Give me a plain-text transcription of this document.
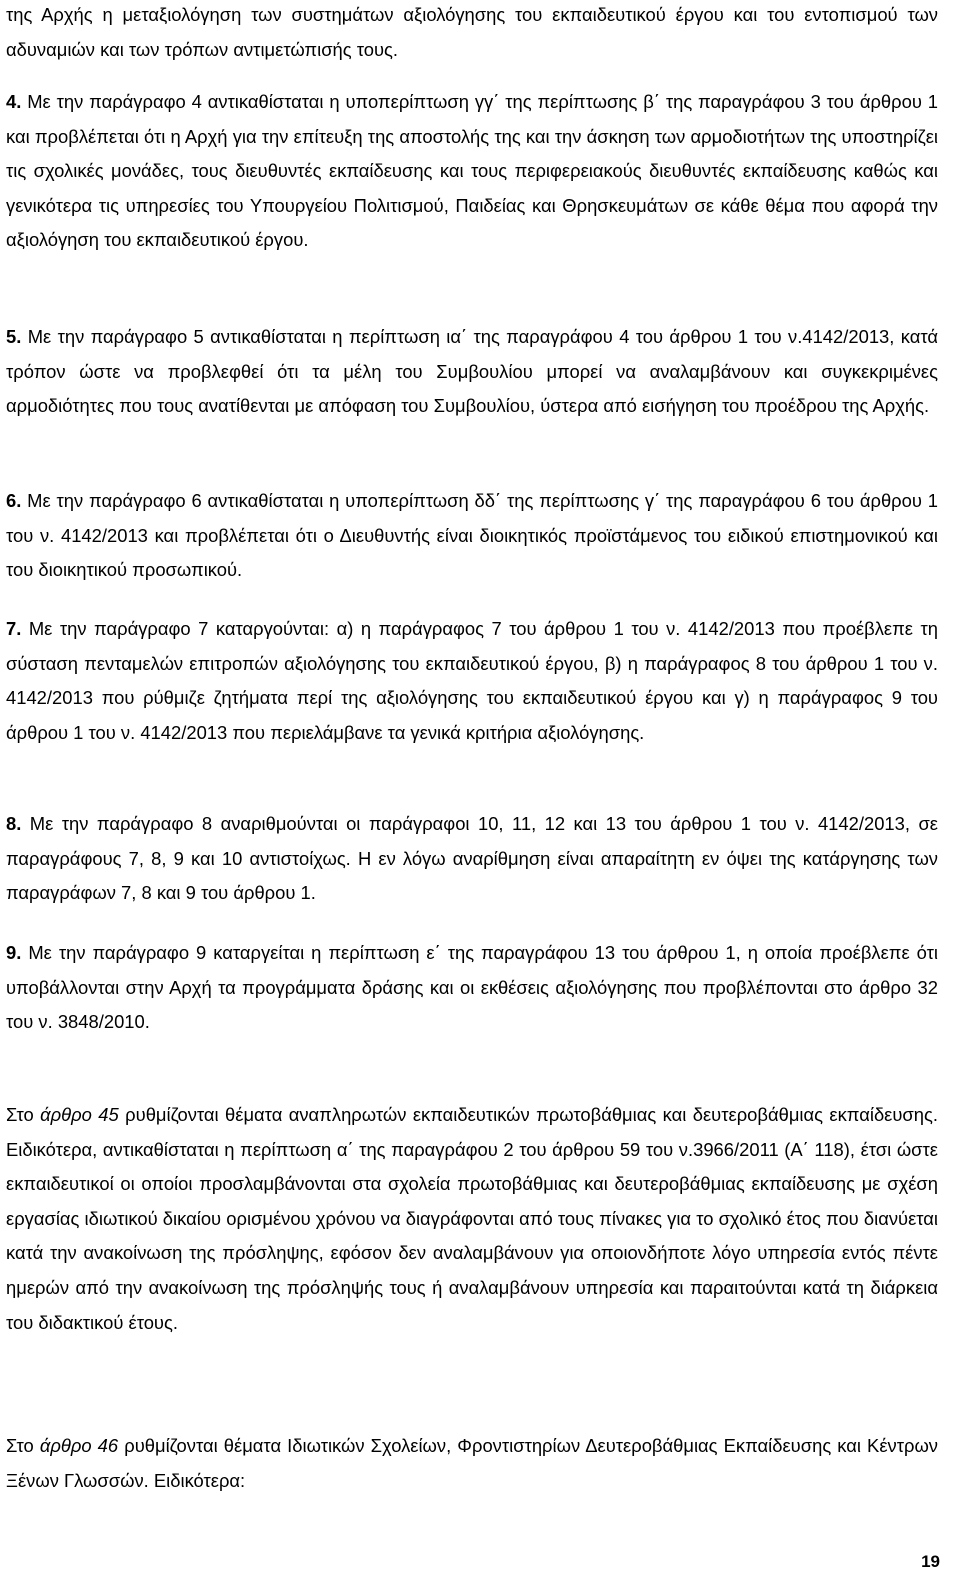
της Αρχής η μεταξιολόγηση των συστημάτων αξιολόγησης του εκπαιδευτικού έργου και του εντοπισμού των αδυναμιών και των τρόπων αντιμετώπισής τους.

4. Με την παράγραφο 4 αντικαθίσταται η υποπερίπτωση γγ΄ της περίπτωσης β΄ της παραγράφου 3 του άρθρου 1 και προβλέπεται ότι η Αρχή για την επίτευξη της αποστολής της και την άσκηση των αρμοδιοτήτων της υποστηρίζει τις σχολικές μονάδες, τους διευθυντές εκπαίδευσης και τους περιφερειακούς διευθυντές εκπαίδευσης καθώς και γενικότερα τις υπηρεσίες του Υπουργείου Πολιτισμού, Παιδείας και Θρησκευμάτων σε κάθε θέμα που αφορά την αξιολόγηση του εκπαιδευτικού έργου.

5. Με την παράγραφο 5 αντικαθίσταται η περίπτωση ια΄ της παραγράφου 4 του άρθρου 1 του ν.4142/2013, κατά τρόπον ώστε να προβλεφθεί ότι τα μέλη του Συμβουλίου μπορεί να αναλαμβάνουν και συγκεκριμένες αρμοδιότητες που τους ανατίθενται με απόφαση του Συμβουλίου, ύστερα από εισήγηση του προέδρου της Αρχής.

6. Με την παράγραφο 6 αντικαθίσταται η υποπερίπτωση δδ΄ της περίπτωσης γ΄ της παραγράφου 6 του άρθρου 1 του ν. 4142/2013 και προβλέπεται ότι ο Διευθυντής είναι διοικητικός προϊστάμενος του ειδικού επιστημονικού και του διοικητικού προσωπικού.

7. Με την παράγραφο 7 καταργούνται: α) η παράγραφος 7 του άρθρου 1 του ν. 4142/2013 που προέβλεπε τη σύσταση πενταμελών επιτροπών αξιολόγησης του εκπαιδευτικού έργου, β) η παράγραφος 8 του άρθρου 1 του ν. 4142/2013 που ρύθμιζε ζητήματα περί της αξιολόγησης του εκπαιδευτικού έργου και γ) η παράγραφος 9 του άρθρου 1 του ν. 4142/2013 που περιελάμβανε τα γενικά κριτήρια αξιολόγησης.

8. Με την παράγραφο 8 αναριθμούνται οι παράγραφοι 10, 11, 12 και 13 του άρθρου 1 του ν. 4142/2013, σε παραγράφους 7, 8, 9 και 10 αντιστοίχως. Η εν λόγω αναρίθμηση είναι απαραίτητη εν όψει της κατάργησης των παραγράφων 7, 8 και 9 του άρθρου 1.

9. Με την παράγραφο 9 καταργείται η περίπτωση ε΄ της παραγράφου 13 του άρθρου 1, η οποία προέβλεπε ότι υποβάλλονται στην Αρχή τα προγράμματα δράσης και οι εκθέσεις αξιολόγησης που προβλέπονται στο άρθρο 32 του ν. 3848/2010.

Στο άρθρο 45 ρυθμίζονται θέματα αναπληρωτών εκπαιδευτικών πρωτοβάθμιας και δευτεροβάθμιας εκπαίδευσης. Ειδικότερα, αντικαθίσταται η περίπτωση α΄ της παραγράφου 2 του άρθρου 59 του ν.3966/2011 (Α΄ 118), έτσι ώστε εκπαιδευτικοί οι οποίοι προσλαμβάνονται στα σχολεία πρωτοβάθμιας και δευτεροβάθμιας εκπαίδευσης με σχέση εργασίας ιδιωτικού δικαίου ορισμένου χρόνου να διαγράφονται από τους πίνακες για το σχολικό έτος που διανύεται κατά την ανακοίνωση της πρόσληψης, εφόσον δεν αναλαμβάνουν για οποιονδήποτε λόγο υπηρεσία εντός πέντε ημερών από την ανακοίνωση της πρόσληψής τους ή αναλαμβάνουν υπηρεσία και παραιτούνται κατά τη διάρκεια του διδακτικού έτους.

Στο άρθρο 46 ρυθμίζονται θέματα Ιδιωτικών Σχολείων, Φροντιστηρίων Δευτεροβάθμιας Εκπαίδευσης και Κέντρων Ξένων Γλωσσών. Ειδικότερα:

19
